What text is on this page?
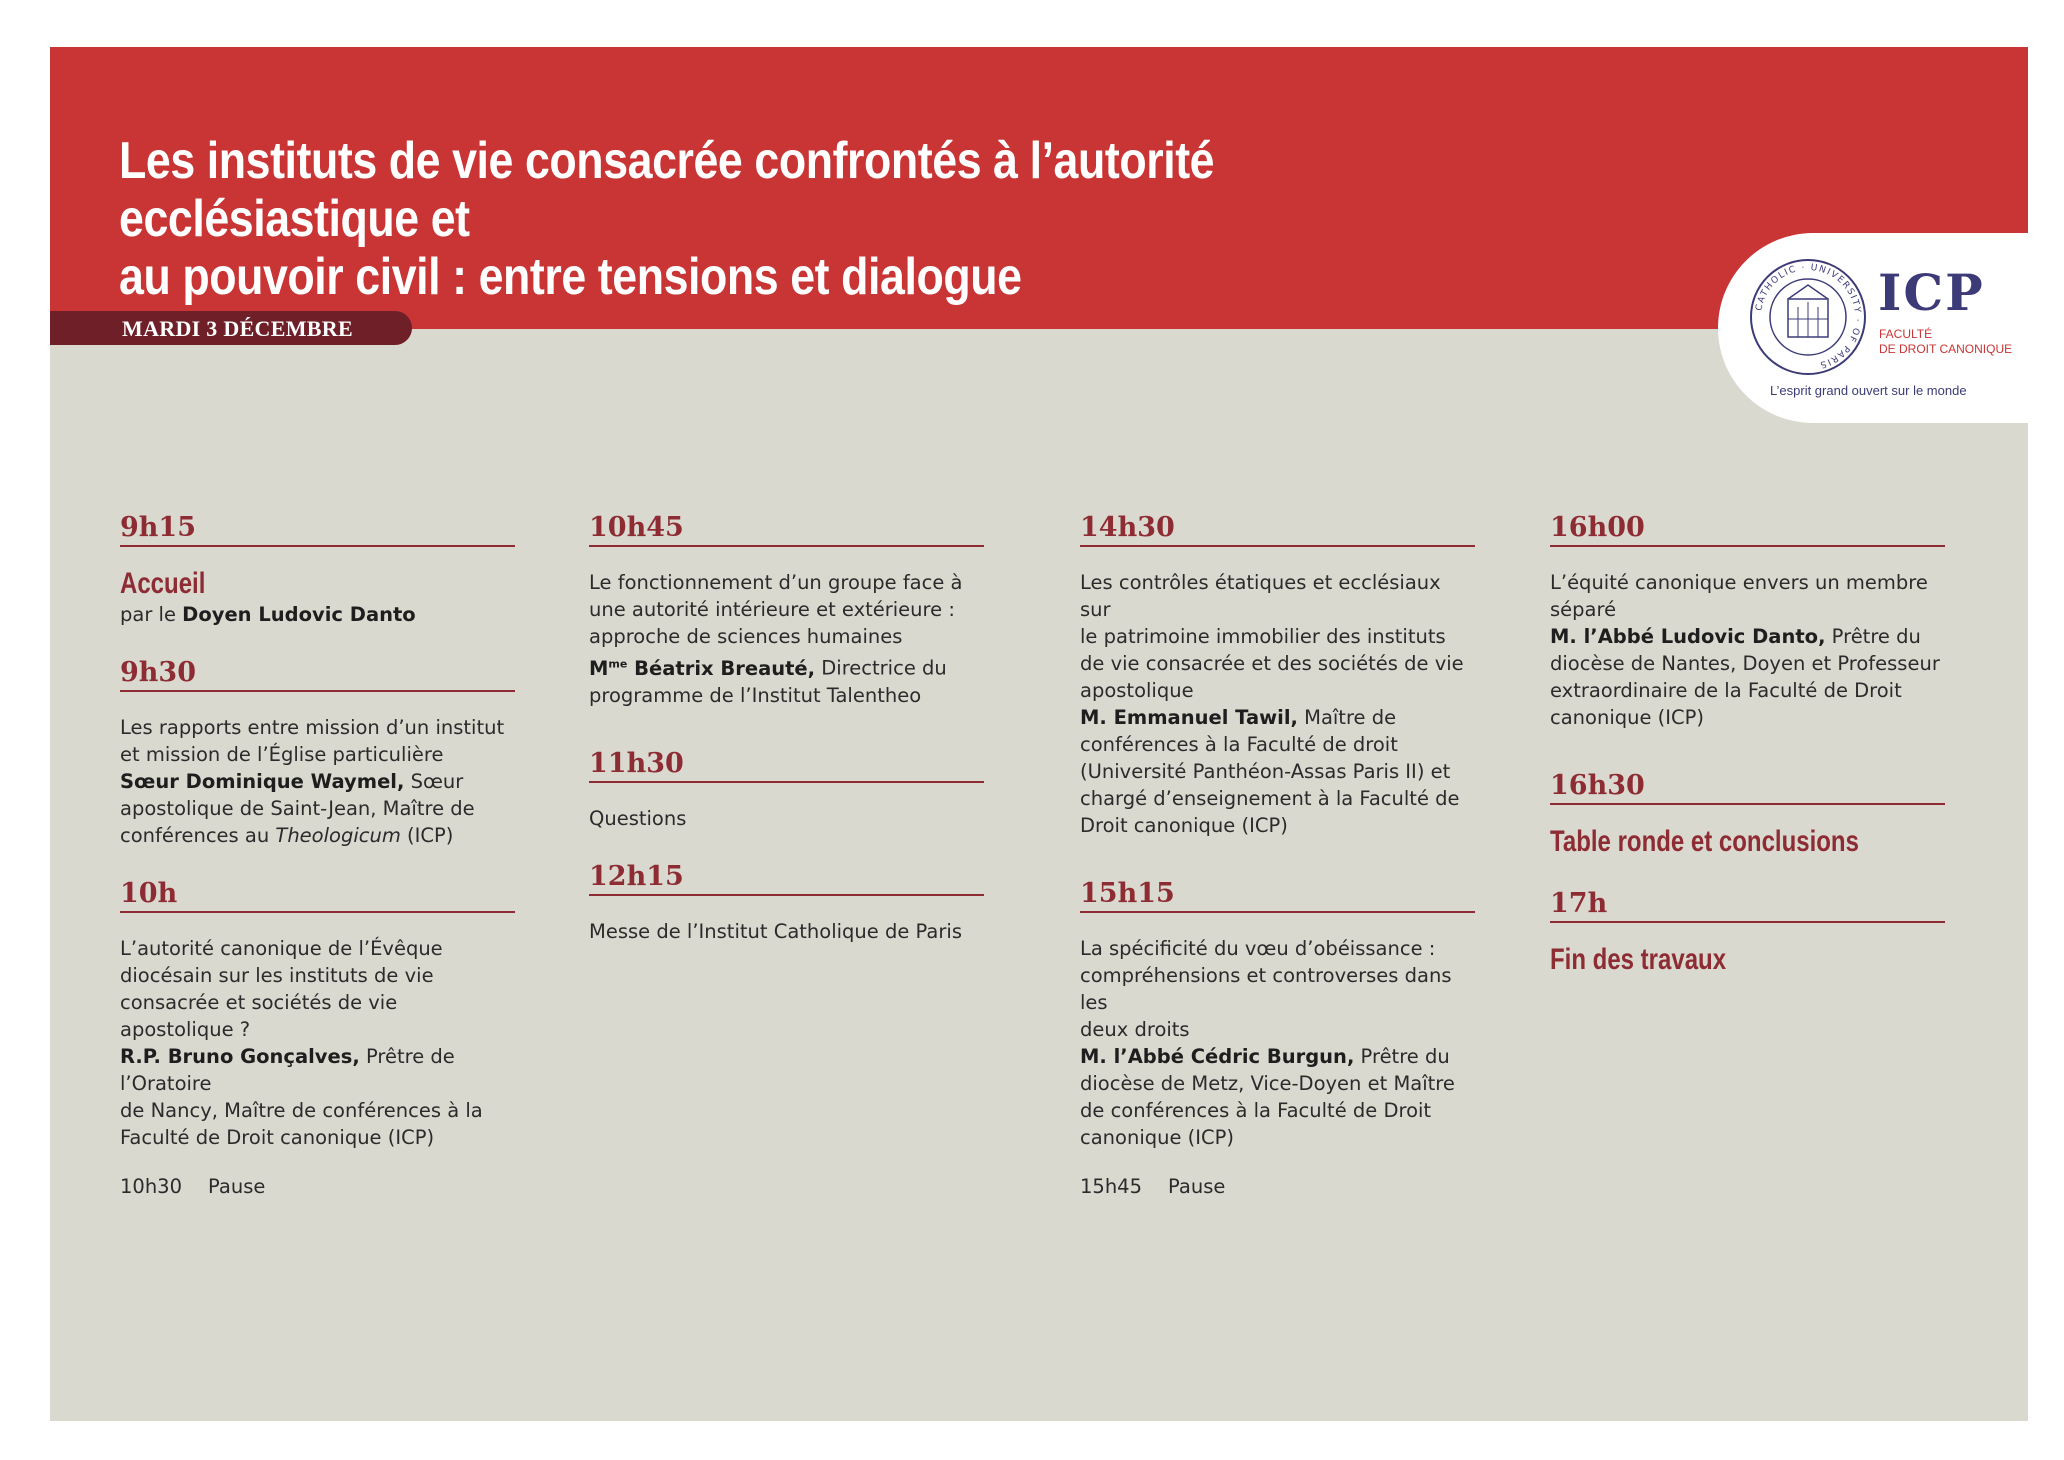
Les instituts de vie consacrée confrontés à l’autorité ecclésiastique et
au pouvoir civil : entre tensions et dialogue
MARDI 3 DÉCEMBRE
CATHOLIC · UNIVERSITY · OF PARIS
ICP
FACULTÉ
DE DROIT CANONIQUE
L’esprit grand ouvert sur le monde
9h15
Accueil
par le Doyen Ludovic Danto
9h30
Les rapports entre mission d’un institut
et mission de l’Église particulière
Sœur Dominique Waymel, Sœur
apostolique de Saint-Jean, Maître de
conférences au Theologicum (ICP)
10h
L’autorité canonique de l’Évêque
diocésain sur les instituts de vie
consacrée et sociétés de vie apostolique ?
R.P. Bruno Gonçalves, Prêtre de l’Oratoire
de Nancy, Maître de conférences à la
Faculté de Droit canonique (ICP)
10h30 Pause
10h45
Le fonctionnement d’un groupe face à
une autorité intérieure et extérieure :
approche de sciences humaines
$M^{me}$ Béatrix Breauté, Directrice du
programme de l’Institut Talentheo
11h30
Questions
12h15
Messe de l’Institut Catholique de Paris
14h30
Les contrôles étatiques et ecclésiaux sur
le patrimoine immobilier des instituts
de vie consacrée et des sociétés de vie
apostolique
M. Emmanuel Tawil, Maître de
conférences à la Faculté de droit
(Université Panthéon-Assas Paris II) et
chargé d’enseignement à la Faculté de
Droit canonique (ICP)
15h15
La spécificité du vœu d’obéissance :
compréhensions et controverses dans les
deux droits
M. l’Abbé Cédric Burgun, Prêtre du
diocèse de Metz, Vice-Doyen et Maître
de conférences à la Faculté de Droit
canonique (ICP)
15h45 Pause
16h00
L’équité canonique envers un membre
séparé
M. l’Abbé Ludovic Danto, Prêtre du
diocèse de Nantes, Doyen et Professeur
extraordinaire de la Faculté de Droit
canonique (ICP)
16h30
Table ronde et conclusions
17h
Fin des travaux
